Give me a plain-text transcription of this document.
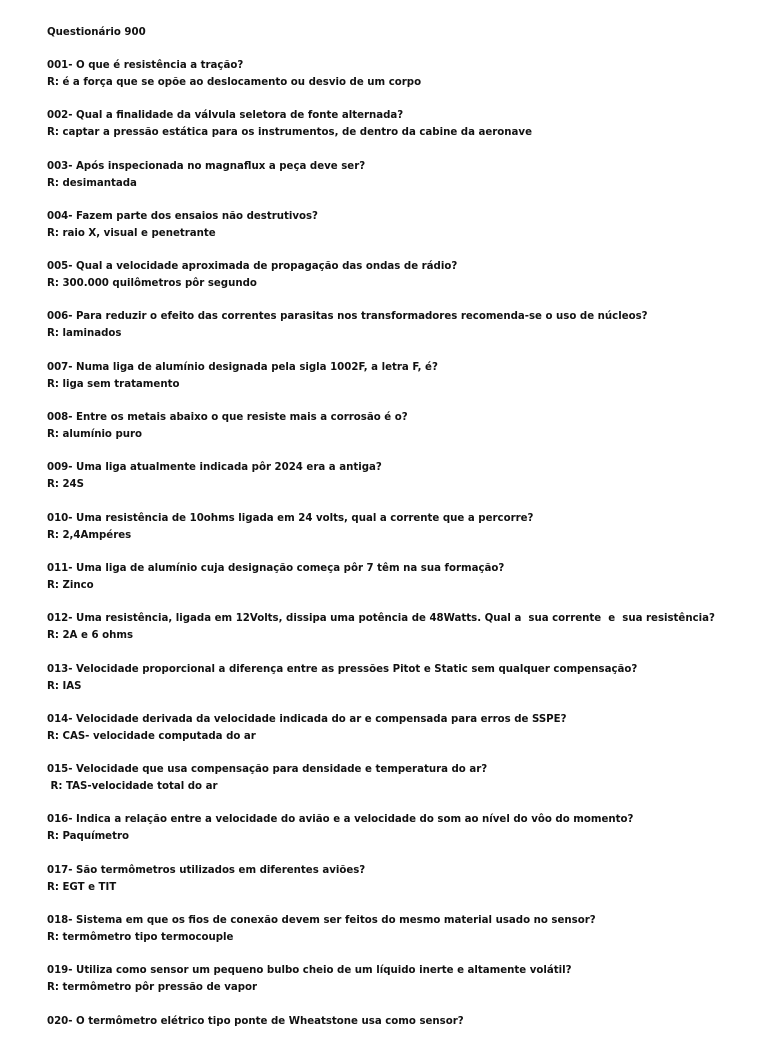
Questionário 900
001- O que é resistência a tração?
R: é a força que se opõe ao deslocamento ou desvio de um corpo
002- Qual a finalidade da válvula seletora de fonte alternada?
R: captar a pressão estática para os instrumentos, de dentro da cabine da aeronave
003- Após inspecionada no magnaflux a peça deve ser?
R: desimantada
004- Fazem parte dos ensaios não destrutivos?
R: raio X, visual e penetrante
005- Qual a velocidade aproximada de propagação das ondas de rádio?
R: 300.000 quilômetros pôr segundo
006- Para reduzir o efeito das correntes parasitas nos transformadores recomenda-se o uso de núcleos?
R: laminados
007- Numa liga de alumínio designada pela sigla 1002F, a letra F, é?
R: liga sem tratamento
008- Entre os metais abaixo o que resiste mais a corrosão é o?
R: alumínio puro
009- Uma liga atualmente indicada pôr 2024 era a antiga?
R: 24S
010- Uma resistência de 10ohms ligada em 24 volts, qual a corrente que a percorre?
R: 2,4Ampéres
011- Uma liga de alumínio cuja designação começa pôr 7 têm na sua formação?
R: Zinco
012- Uma resistência, ligada em 12Volts, dissipa uma potência de 48Watts. Qual a  sua corrente  e  sua resistência?
R: 2A e 6 ohms
013- Velocidade proporcional a diferença entre as pressões Pitot e Static sem qualquer compensação?
R: IAS
014- Velocidade derivada da velocidade indicada do ar e compensada para erros de SSPE?
R: CAS- velocidade computada do ar
015- Velocidade que usa compensação para densidade e temperatura do ar?
R: TAS-velocidade total do ar
016- Indica a relação entre a velocidade do avião e a velocidade do som ao nível do vôo do momento?
R: Paquímetro
017- São termômetros utilizados em diferentes aviões?
R: EGT e TIT
018- Sistema em que os fios de conexão devem ser feitos do mesmo material usado no sensor?
R: termômetro tipo termocouple
019- Utiliza como sensor um pequeno bulbo cheio de um líquido inerte e altamente volátil?
R: termômetro pôr pressão de vapor
020- O termômetro elétrico tipo ponte de Wheatstone usa como sensor?
